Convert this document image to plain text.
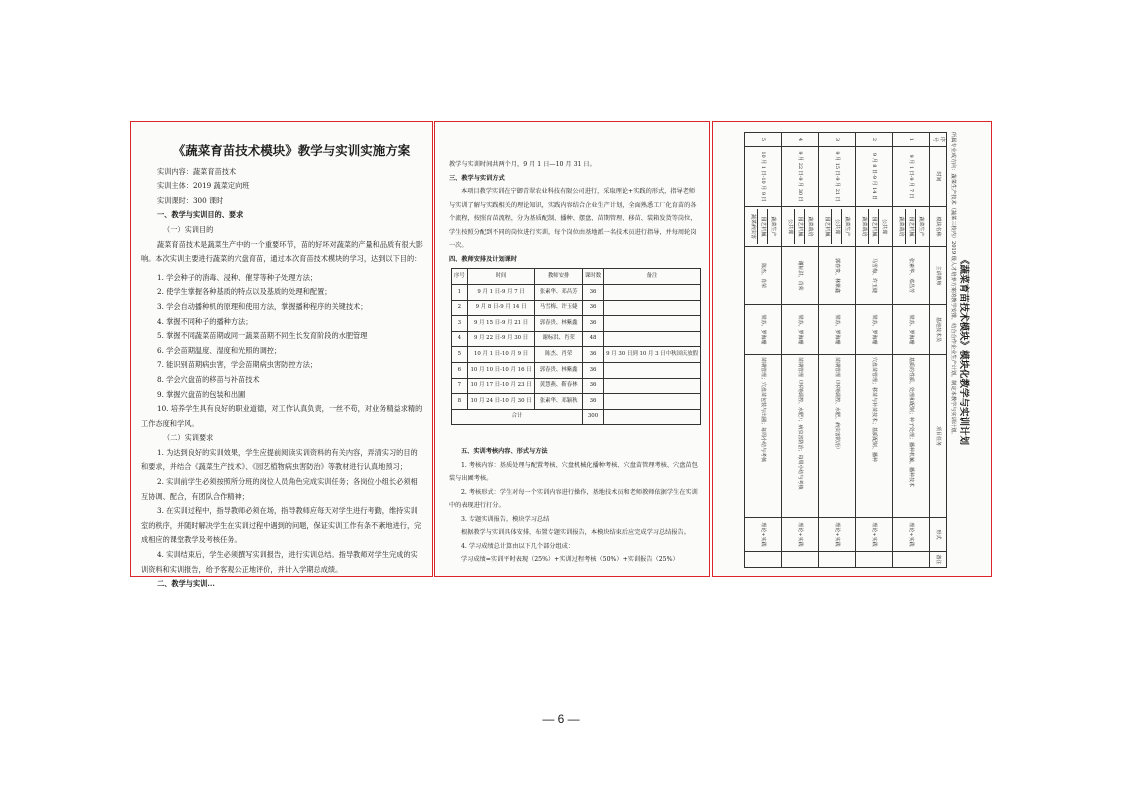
《蔬菜育苗技术模块》教学与实训实施方案
实训内容：蔬菜育苗技术
实训主体：2019 蔬菜定向班
实训课时：300 课时
一、教学与实训目的、要求
（一）实训目的
蔬菜育苗技术是蔬菜生产中的一个重要环节，苗的好坏对蔬菜的产量和品质有很大影响。本次实训主要进行蔬菜的穴盘育苗，通过本次育苗技术模块的学习，达到以下目的：
1. 学会种子的消毒、浸种、催芽等种子处理方法；
2. 使学生掌握各种基质的特点以及基质的处理和配置；
3. 学会自动播种机的原理和使用方法，掌握播种程序的关键技术；
4. 掌握不同种子的播种方法；
5. 掌握不同蔬菜苗期或同一蔬菜苗期不同生长发育阶段的水肥管理
6. 学会苗期温度、湿度和光照的调控；
7. 能识别苗期病虫害，学会苗期病虫害防控方法；
8. 学会穴盘苗的移苗与补苗技术
9. 掌握穴盘苗的包装和出圃
10. 培养学生具有良好的职业道德，对工作认真负责，一丝不苟，对业务精益求精的工作态度和学风。
（二）实训要求
1. 为达到良好的实训效果，学生应提前阅读实训资料的有关内容，弄清实习的目的和要求，并结合《蔬菜生产技术》、《园艺植物病虫害防治》等教材进行认真地预习；
2. 实训前学生必须按照所分班的岗位人员角色完成实训任务；各岗位小组长必须相互协调、配合，有团队合作精神；
3. 在实训过程中，指导教师必须在场，指导教师应每天对学生进行考勤，维持实训室的秩序，并随时解决学生在实训过程中遇到的问题，保证实训工作有条不紊地进行，完成相应的课堂教学及考核任务。
4. 实训结束后，学生必须撰写实训报告，进行实训总结。指导教师对学生完成的实训资料和实训报告，给予客观公正地评价，并计入学期总成绩。
二、教学与实训...
教学与实训时间共两个月，9 月 1 日—10 月 31 日。
三、教学与实训方式
本项目教学实训在宁御青翠农业科技有限公司进行，采取理论+实践的形式，指导老师与实训了解与实践相关的理论知识，实践内容结合企业生产计划，全面熟悉工厂化育苗的各个流程，按照育苗流程，分为基质配制、播种、摆盘、苗期管理、移苗、装箱发货等岗位，学生按照分配到不同的岗位进行实训，每个岗位由基地派一名技术员进行指导，并每周轮岗一次。
四、教师安排及计划课时
序号	时间	教师安排	课时数	备注
1	9 月 1 日-9 月 7 日	张素华、邓昌芳	36	
2	9 月 8 日-9 月 14 日	马雪梅、许玉婕	36	
3	9 月 15 日-9 月 21 日	郭春贵、林紫鑫	36	
4	9 月 22 日-9 月 30 日	谢标洪、肖荣	48	
5	10 月 1 日-10 月 9 日	陈杰、肖荣	36	9 月 30 日到 10 月 3 日中秋国庆放假
6	10 月 10 日-10 月 16 日	郭春贵、林紫鑫	36	
7	10 月 17 日-10 月 23 日	黄慧燕、靳春林	36	
8	10 月 24 日-10 月 30 日	张素华、邓颖秋	36	
合计			300	
五、实训考核内容、形式与方法
1. 考核内容：基质处理与配置考核、穴盘机械化播种考核、穴盘苗管理考核、穴盘苗包装与出圃考核。
2. 考核形式：学生对每一个实训内容进行操作，基地技术员和老师教师依据学生在实训中的表现进行打分。
3. 专题实训报告，模块学习总结
根据教学与实训具体安排，布置专题实训报告，本模块结束后应完成学习总结报告。
4. 学习成绩总计算由以下几个部分组成：
学习成绩=实训平时表现（25%）+实训过程考核（50%）+实训报告（25%）
《蔬菜育苗技术模块》模块化教学与实训计划
所属专业或方向：蔬菜生产技术（蔬菜三校内）2019 级人才培养方案的教学安排，结合合作企业生产计划，制定本教学与实训计划。
序号	时间	模块名称	主讲教师	基地技术员	项目任务	形式	备注
1	9 月 1 日-9 月 7 日	蔬菜生产
园艺机械
蔬菜栽培	张素华、邓昌芳	梁苏、罗海珊	基质的性质、处理和配制；种子处理；播种机械、播种技术	理论+实践	
2	9 月 8 日-9 月 14 日	公共课
园艺机械
蔬菜栽培	马雪梅、许玉婕	梁苏、罗海珊	穴盘苗管理；移苗与补苗技术；基质配制、播种	理论+实践	
3	9 月 15 日-9 月 21 日	蔬菜生产
公共课
园艺机械	郭春贵、林紫鑫	梁苏、罗海珊	苗期管理（环境调控、水肥、病虫害防治）	理论+实践	
4	9 月 22 日-9 月 30 日	蔬菜栽培
园艺机械
公共课	谢标洪、肖荣	梁苏、罗海珊	苗期管理（环境调控、水肥）；病虫害防治；每周小结与考核	理论+实践	
5	10 月 1 日-10 月 9 日	蔬菜生产
园艺机械
蔬菜病虫害	陈杰、肖荣	梁苏、罗海珊	苗期管理；穴盘苗包装与出圃；每周小结与考核	理论+实践	
— 6 —
